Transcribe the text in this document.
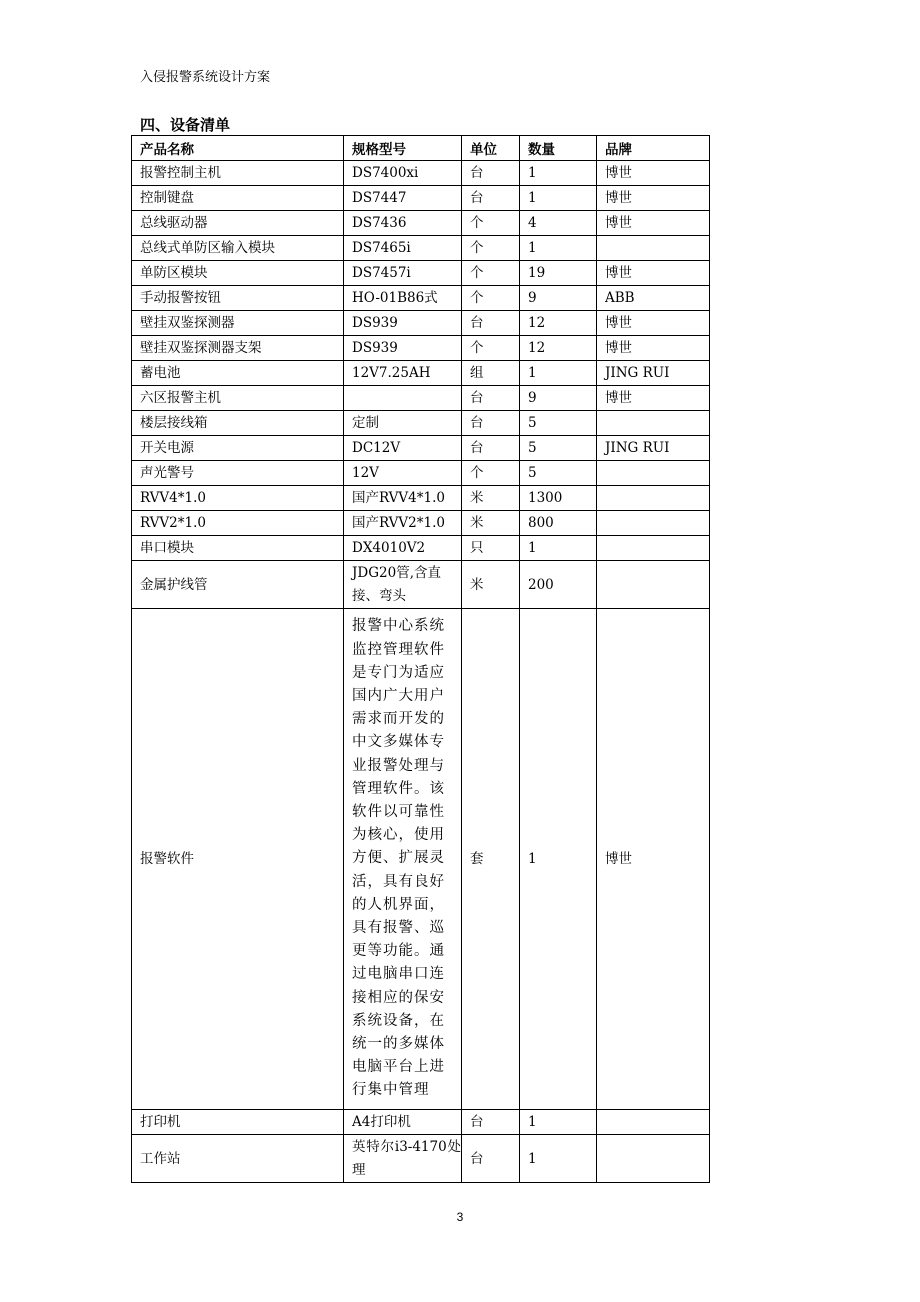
入侵报警系统设计方案
四、设备清单
产品名称	规格型号	单位	数量	品牌
报警控制主机	DS7400xi	台	1	博世
控制键盘	DS7447	台	1	博世
总线驱动器	DS7436	个	4	博世
总线式单防区输入模块	DS7465i	个	1	
单防区模块	DS7457i	个	19	博世
手动报警按钮	HO-01B86式	个	9	ABB
壁挂双鉴探测器	DS939	台	12	博世
壁挂双鉴探测器支架	DS939	个	12	博世
蓄电池	12V7.25AH	组	1	JING RUI
六区报警主机		台	9	博世
楼层接线箱	定制	台	5	
开关电源	DC12V	台	5	JING RUI
声光警号	12V	个	5	
RVV4*1.0	国产RVV4*1.0	米	1300	
RVV2*1.0	国产RVV2*1.0	米	800	
串口模块	DX4010V2	只	1	
金属护线管	JDG20管,含直接、弯头	米	200	
报警软件	报警中心系统监控管理软件是专门为适应国内广大用户需求而开发的中文多媒体专业报警处理与管理软件。该软件以可靠性为核心，使用方便、扩展灵活，具有良好的人机界面，具有报警、巡更等功能。通过电脑串口连接相应的保安系统设备，在统一的多媒体电脑平台上进行集中管理	套	1	博世
打印机	A4打印机	台	1	
工作站	英特尔i3-4170处理	台	1	
3
